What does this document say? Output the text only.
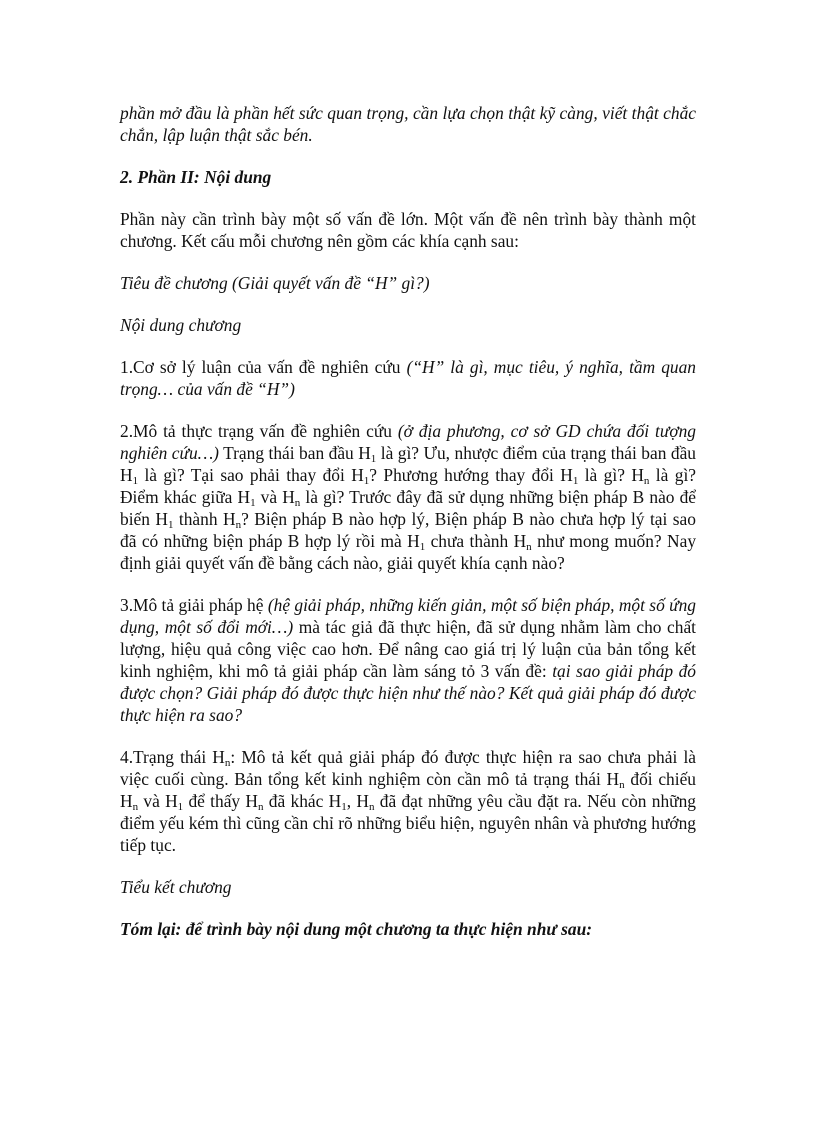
phần mở đầu là phần hết sức quan trọng, cần lựa chọn thật kỹ càng, viết thật chắc chắn, lập luận thật sắc bén.

2. Phần II: Nội dung

Phần này cần trình bày một số vấn đề lớn. Một vấn đề nên trình bày thành một chương. Kết cấu mỗi chương nên gồm các khía cạnh sau:

Tiêu đề chương (Giải quyết vấn đề “H” gì?)

Nội dung chương

1.Cơ sở lý luận của vấn đề nghiên cứu (“H” là gì, mục tiêu, ý nghĩa, tầm quan trọng… của vấn đề “H”)

2.Mô tả thực trạng vấn đề nghiên cứu (ở địa phương, cơ sở GD chứa đối tượng nghiên cứu…) Trạng thái ban đầu $H_1$ là gì? Ưu, nhược điểm của trạng thái ban đầu $H_1$ là gì? Tại sao phải thay đổi $H_1$? Phương hướng thay đổi $H_1$ là gì? $H_n$ là gì? Điểm khác giữa $H_1$ và $H_n$ là gì? Trước đây đã sử dụng những biện pháp B nào để biến $H_1$ thành $H_n$? Biện pháp B nào hợp lý, Biện pháp B nào chưa hợp lý tại sao đã có những biện pháp B hợp lý rồi mà $H_1$ chưa thành $H_n$ như mong muốn? Nay định giải quyết vấn đề bằng cách nào, giải quyết khía cạnh nào?

3.Mô tả giải pháp hệ (hệ giải pháp, những kiến giản, một số biện pháp, một số ứng dụng, một số đổi mới…) mà tác giả đã thực hiện, đã sử dụng nhằm làm cho chất lượng, hiệu quả công việc cao hơn. Để nâng cao giá trị lý luận của bản tổng kết kinh nghiệm, khi mô tả giải pháp cần làm sáng tỏ 3 vấn đề: tại sao giải pháp đó được chọn? Giải pháp đó được thực hiện như thế nào? Kết quả giải pháp đó được thực hiện ra sao?

4.Trạng thái $H_n$: Mô tả kết quả giải pháp đó được thực hiện ra sao chưa phải là việc cuối cùng. Bản tổng kết kinh nghiệm còn cần mô tả trạng thái $H_n$ đối chiếu $H_n$ và $H_1$ để thấy $H_n$ đã khác $H_1$, $H_n$ đã đạt những yêu cầu đặt ra. Nếu còn những điểm yếu kém thì cũng cần chỉ rõ những biểu hiện, nguyên nhân và phương hướng tiếp tục.

Tiểu kết chương

Tóm lại: để trình bày nội dung một chương ta thực hiện như sau:
